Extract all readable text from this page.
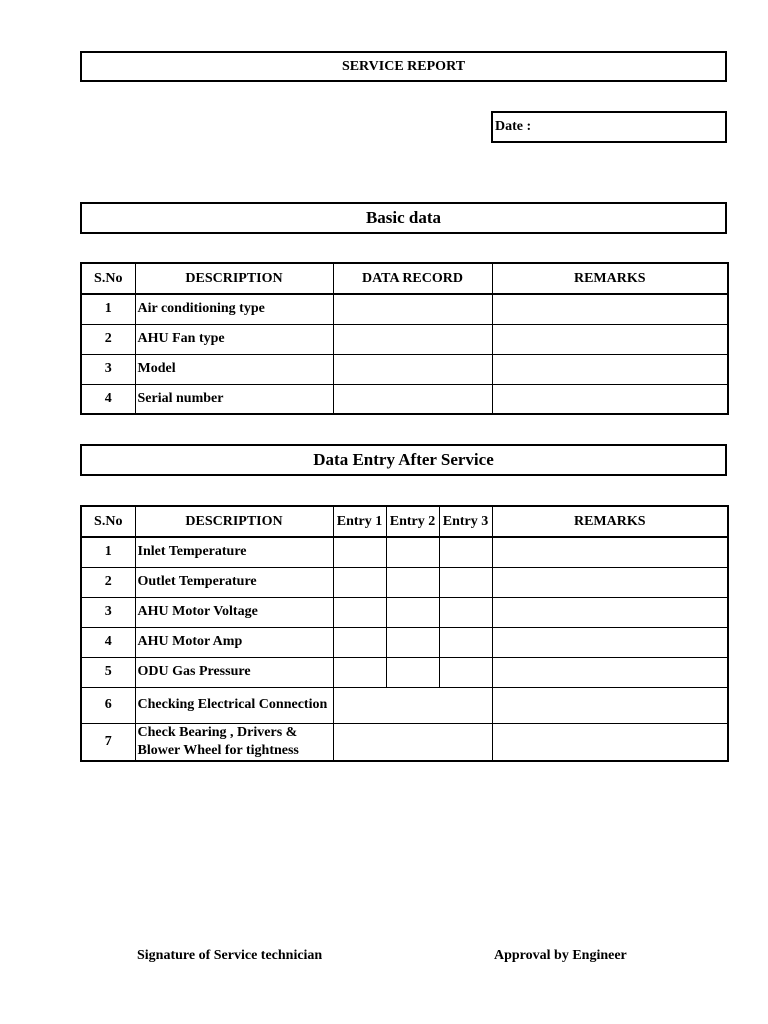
SERVICE REPORT
Date :
Basic data
S.No	DESCRIPTION	DATA RECORD	REMARKS
1	Air conditioning type		
2	AHU Fan type		
3	Model		
4	Serial number		
Data Entry After Service
S.No	DESCRIPTION	Entry 1	Entry 2	Entry 3	REMARKS
1	Inlet Temperature				
2	Outlet Temperature				
3	AHU Motor Voltage				
4	AHU Motor Amp				
5	ODU Gas Pressure				
6	Checking Electrical Connection				
7	Check Bearing , Drivers &
Blower Wheel for tightness				

Signature of Service technician	Approval by Engineer
